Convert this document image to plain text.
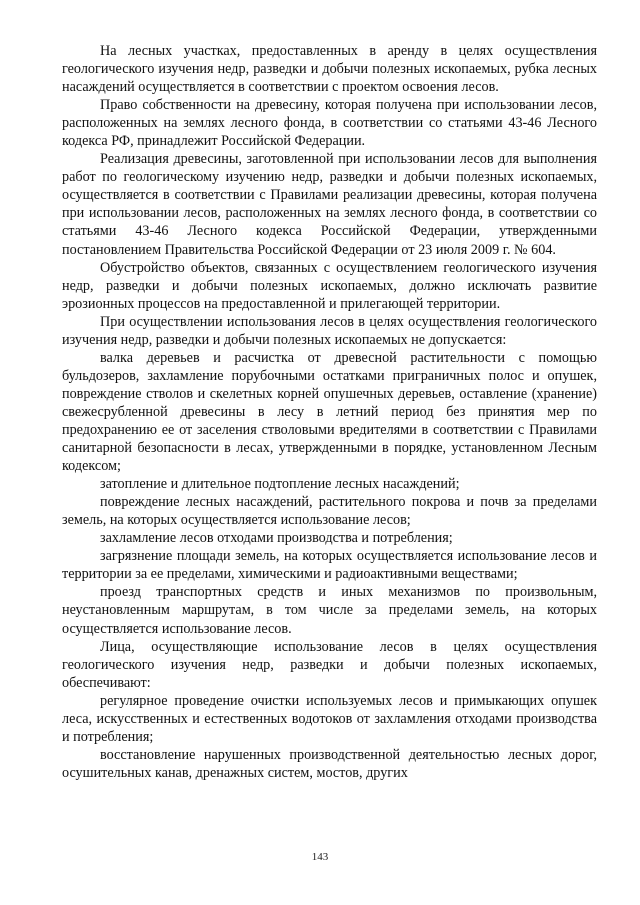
На лесных участках, предоставленных в аренду в целях осуществления геологического изучения недр, разведки и добычи полезных ископаемых, рубка лесных насаждений осуществляется в соответствии с проектом освоения лесов.

Право собственности на древесину, которая получена при использовании лесов, расположенных на землях лесного фонда, в соответствии со статьями 43-46 Лесного кодекса РФ, принадлежит Российской Федерации.

Реализация древесины, заготовленной при использовании лесов для выполнения работ по геологическому изучению недр, разведки и добычи полезных ископаемых, осуществляется в соответствии с Правилами реализации древесины, которая получена при использовании лесов, расположенных на землях лесного фонда, в соответствии со статьями 43-46 Лесного кодекса Российской Федерации, утвержденными постановлением Правительства Российской Федерации от 23 июля 2009 г. № 604.

Обустройство объектов, связанных с осуществлением геологического изучения недр, разведки и добычи полезных ископаемых, должно исключать развитие эрозионных процессов на предоставленной и прилегающей территории.

При осуществлении использования лесов в целях осуществления геологического изучения недр, разведки и добычи полезных ископаемых не допускается:

валка деревьев и расчистка от древесной растительности с помощью бульдозеров, захламление порубочными остатками приграничных полос и опушек, повреждение стволов и скелетных корней опушечных деревьев, оставление (хранение) свежесрубленной древесины в лесу в летний период без принятия мер по предохранению ее от заселения стволовыми вредителями в соответствии с Правилами санитарной безопасности в лесах, утвержденными в порядке, установленном Лесным кодексом;

затопление и длительное подтопление лесных насаждений;

повреждение лесных насаждений, растительного покрова и почв за пределами земель, на которых осуществляется использование лесов;

захламление лесов отходами производства и потребления;

загрязнение площади земель, на которых осуществляется использование лесов и территории за ее пределами, химическими и радиоактивными веществами;

проезд транспортных средств и иных механизмов по произвольным, неустановленным маршрутам, в том числе за пределами земель, на которых осуществляется использование лесов.

Лица, осуществляющие использование лесов в целях осуществления геологического изучения недр, разведки и добычи полезных ископаемых, обеспечивают:

регулярное проведение очистки используемых лесов и примыкающих опушек леса, искусственных и естественных водотоков от захламления отходами производства и потребления;

восстановление нарушенных производственной деятельностью лесных дорог, осушительных канав, дренажных систем, мостов, других

143
